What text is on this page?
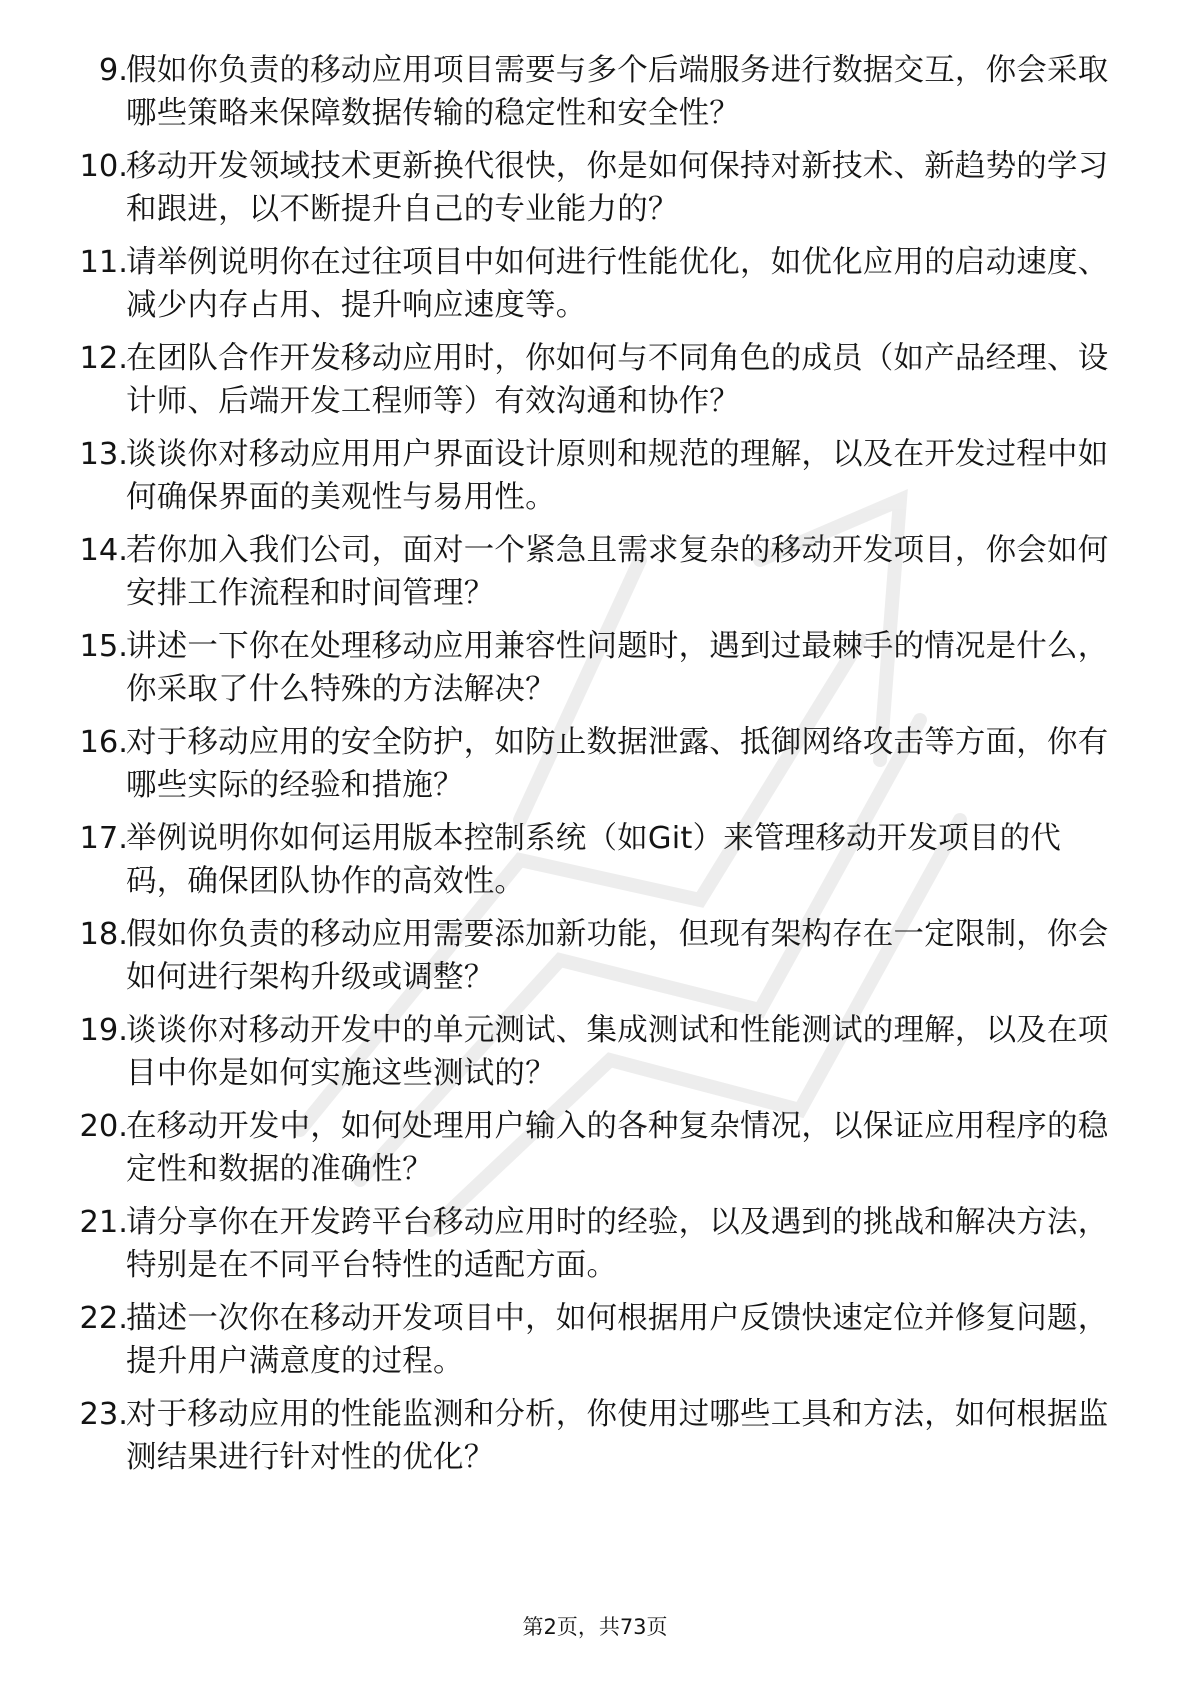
9.
假如你负责的移动应用项目需要与多个后端服务进行数据交互，你会采取哪些策略来保障数据传输的稳定性和安全性？
10.
移动开发领域技术更新换代很快，你是如何保持对新技术、新趋势的学习和跟进，以不断提升自己的专业能力的？
11.
请举例说明你在过往项目中如何进行性能优化，如优化应用的启动速度、减少内存占用、提升响应速度等。
12.
在团队合作开发移动应用时，你如何与不同角色的成员（如产品经理、设计师、后端开发工程师等）有效沟通和协作？
13.
谈谈你对移动应用用户界面设计原则和规范的理解，以及在开发过程中如何确保界面的美观性与易用性。
14.
若你加入我们公司，面对一个紧急且需求复杂的移动开发项目，你会如何安排工作流程和时间管理？
15.
讲述一下你在处理移动应用兼容性问题时，遇到过最棘手的情况是什么，你采取了什么特殊的方法解决？
16.
对于移动应用的安全防护，如防止数据泄露、抵御网络攻击等方面，你有哪些实际的经验和措施？
17.
举例说明你如何运用版本控制系统（如Git）来管理移动开发项目的代码，确保团队协作的高效性。
18.
假如你负责的移动应用需要添加新功能，但现有架构存在一定限制，你会如何进行架构升级或调整？
19.
谈谈你对移动开发中的单元测试、集成测试和性能测试的理解，以及在项目中你是如何实施这些测试的？
20.
在移动开发中，如何处理用户输入的各种复杂情况，以保证应用程序的稳定性和数据的准确性？
21.
请分享你在开发跨平台移动应用时的经验，以及遇到的挑战和解决方法，特别是在不同平台特性的适配方面。
22.
描述一次你在移动开发项目中，如何根据用户反馈快速定位并修复问题，提升用户满意度的过程。
23.
对于移动应用的性能监测和分析，你使用过哪些工具和方法，如何根据监测结果进行针对性的优化？
第2页，共73页
